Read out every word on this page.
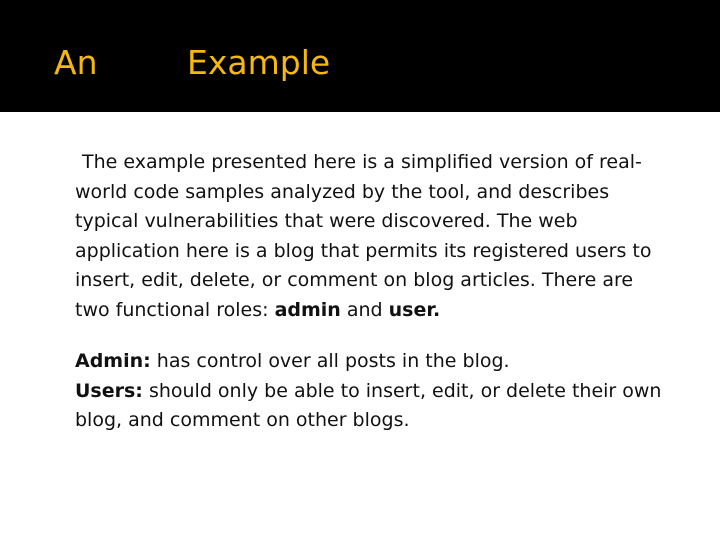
An	Example
The example presented here is a simplified version of real-
world code samples analyzed by the tool, and describes
typical vulnerabilities that were discovered. The web
application here is a blog that permits its registered users to
insert, edit, delete, or comment on blog articles. There are
two functional roles: admin and user.
Admin: has control over all posts in the blog.
Users: should only be able to insert, edit, or delete their own
blog, and comment on other blogs.
